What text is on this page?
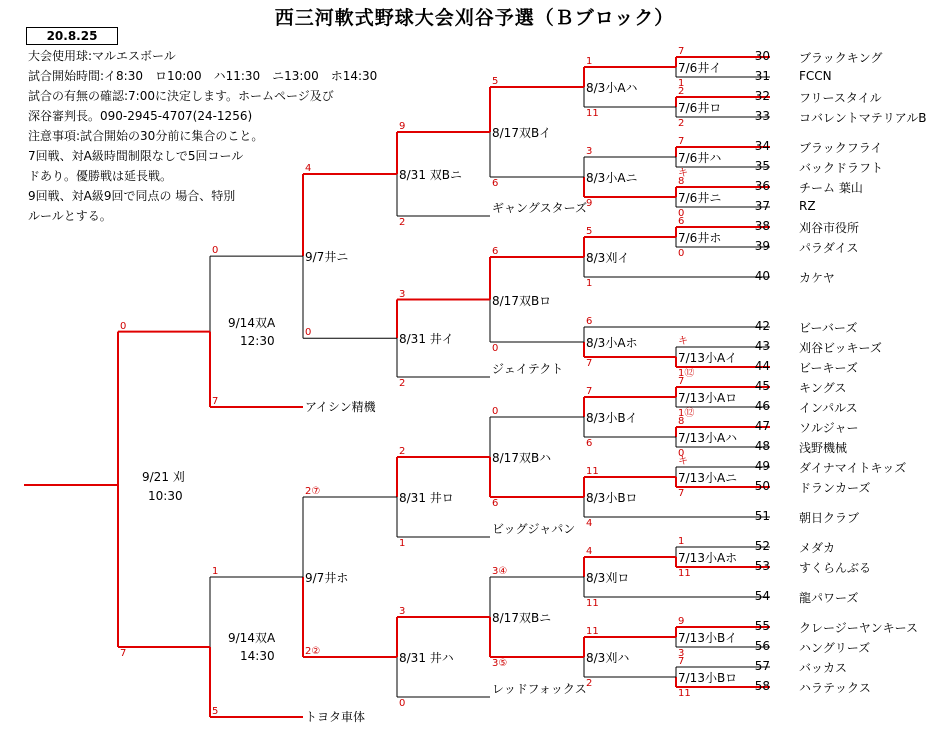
西三河軟式野球大会刈谷予選（Ｂブロック）
20.8.25
大会使用球:マルエスボール
試合開始時間:イ8:30　ロ10:00　ハ11:30　ニ13:00　ホ14:30
試合の有無の確認:7:00に決定します。ホームページ及び
深谷審判長。090-2945-4707(24-1256)
注意事項:試合開始の30分前に集合のこと。
7回戦、対A級時間制限なしで5回コール
ドあり。優勝戦は延長戦。
9回戦、対A級9回で同点の 場合、特別
ルールとする。
30 ブラックキング
31 FCCN
32 フリースタイル
33 コバレントマテリアルB
34 ブラックフライ
35 バックドラフト
36 チーム 葉山
37 RZ
38 刈谷市役所
39 パラダイス
40 カケヤ
42 ビーバーズ
43 刈谷ビッキーズ
44 ビーキーズ
45 キングス
46 インパルス
47 ソルジャー
48 浅野機械
49 ダイナマイトキッズ
50 ドランカーズ
51 朝日クラブ
52 メダカ
53 すくらんぶる
54 龍パワーズ
55 クレージーヤンキース
56 ハングリーズ
57 バッカス
58 ハラテックス
7/6井イ
7
1
7/6井ロ
2
2
7/6井ハ
7
キ
7/6井ニ
8
0
7/6井ホ
6
0
7/13小Aイ
キ
1⑫
7/13小Aロ
7
1⑫
7/13小Aハ
8
0
7/13小Aニ
キ
7
7/13小Aホ
1
11
7/13小Bイ
9
3
7/13小Bロ
7
11
8/3小Aハ
1
11
8/3小Aニ
3
9
8/3刈イ
5
1
8/3小Aホ
6
7
8/3小Bイ
7
6
8/3小Bロ
11
4
8/3刈ロ
4
11
8/3刈ハ
11
2
8/17双Bイ
5
6
8/17双Bロ
6
0
8/17双Bハ
0
6
8/17双Bニ
3④
3⑤
8/31 双Bニ
9
2
ギャングスターズ
8/31 井イ
3
2
ジェイテクト
8/31 井ロ
2
1
ビッグジャパン
8/31 井ハ
3
0
レッドフォックス
9/7井ニ
4
0
9/7井ホ
2⑦
2②
9/14双A
12:30
0
7	アイシン精機
9/14双A
14:30
1
5	トヨタ車体
9/21 刈
10:30
0
7
